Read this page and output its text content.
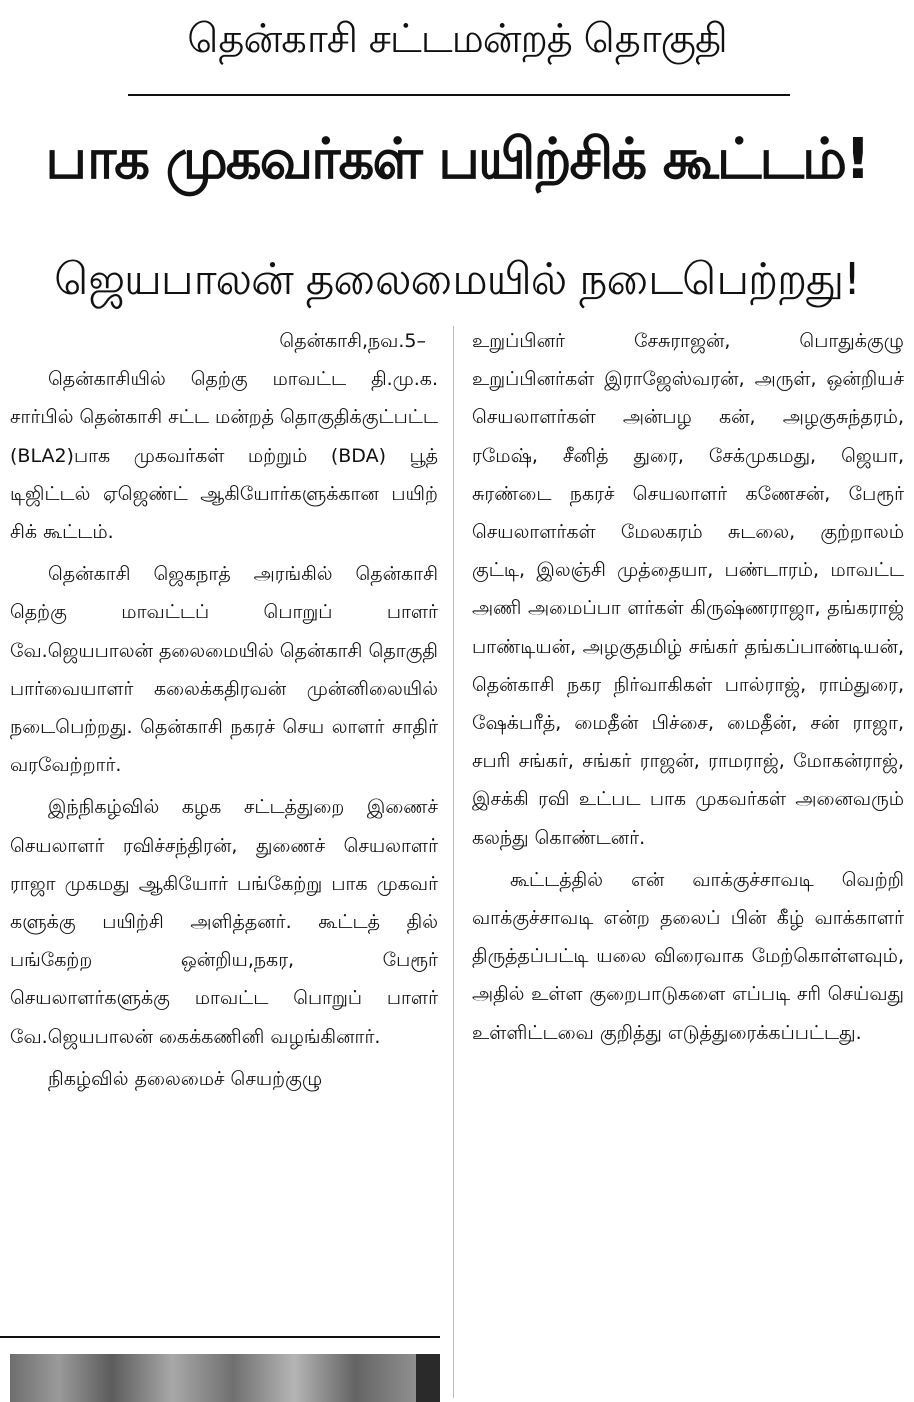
தென்காசி சட்டமன்றத் தொகுதி
பாக முகவர்கள் பயிற்சிக் கூட்டம்!
ஜெயபாலன் தலைமையில் நடைபெற்றது!

தென்காசி,நவ.5–

தென்காசியில் தெற்கு மாவட்ட தி.மு.க. சார்பில் தென்காசி சட்ட மன்றத் தொகுதிக்குட்பட்ட (BLA2)பாக முகவர்கள் மற்றும் (BDA) பூத் டிஜிட்டல் ஏஜெண்ட் ஆகியோர்களுக்கான பயிற் சிக் கூட்டம்.

தென்காசி ஜெகநாத் அரங்கில் தென்காசி தெற்கு மாவட்டப் பொறுப் பாளர் வே.ஜெயபாலன் தலைமையில் தென்காசி தொகுதி பார்வையாளர் கலைக்கதிரவன் முன்னிலையில் நடைபெற்றது. தென்காசி நகரச் செய லாளர் சாதிர் வரவேற்றார்.

இந்நிகழ்வில் கழக சட்டத்துறை இணைச் செயலாளர் ரவிச்சந்திரன், துணைச் செயலாளர் ராஜா முகமது ஆகியோர் பங்கேற்று பாக முகவர் களுக்கு பயிற்சி அளித்தனர். கூட்டத் தில் பங்கேற்ற ஒன்றிய,நகர, பேரூர் செயலாளர்களுக்கு மாவட்ட பொறுப் பாளர் வே.ஜெயபாலன் கைக்கணினி வழங்கினார்.

நிகழ்வில் தலைமைச் செயற்குழு

உறுப்பினர் சேசுராஜன், பொதுக்குழு உறுப்பினர்கள் இராஜேஸ்வரன், அருள், ஒன்றியச் செயலாளர்கள் அன்பழ கன், அழகுசுந்தரம், ரமேஷ், சீனித் துரை, சேக்முகமது, ஜெயா, சுரண்டை நகரச் செயலாளர் கணேசன், பேரூர் செயலாளர்கள் மேலகரம் சுடலை, குற்றாலம் குட்டி, இலஞ்சி முத்தையா, பண்டாரம், மாவட்ட அணி அமைப்பா ளர்கள் கிருஷ்ணராஜா, தங்கராஜ் பாண்டியன், அழகுதமிழ் சங்கர் தங்கப்பாண்டியன், தென்காசி நகர நிர்வாகிகள் பால்ராஜ், ராம்துரை, ஷேக்பரீத், மைதீன் பிச்சை, மைதீன், சன் ராஜா, சபரி சங்கர், சங்கர் ராஜன், ராமராஜ், மோகன்ராஜ், இசக்கி ரவி உட்பட பாக முகவர்கள் அனைவரும் கலந்து கொண்டனர்.

கூட்டத்தில் என் வாக்குச்சாவடி வெற்றி வாக்குச்சாவடி என்ற தலைப் பின் கீழ் வாக்காளர் திருத்தப்பட்டி யலை விரைவாக மேற்கொள்ளவும், அதில் உள்ள குறைபாடுகளை எப்படி சரி செய்வது உள்ளிட்டவை குறித்து எடுத்துரைக்கப்பட்டது.
